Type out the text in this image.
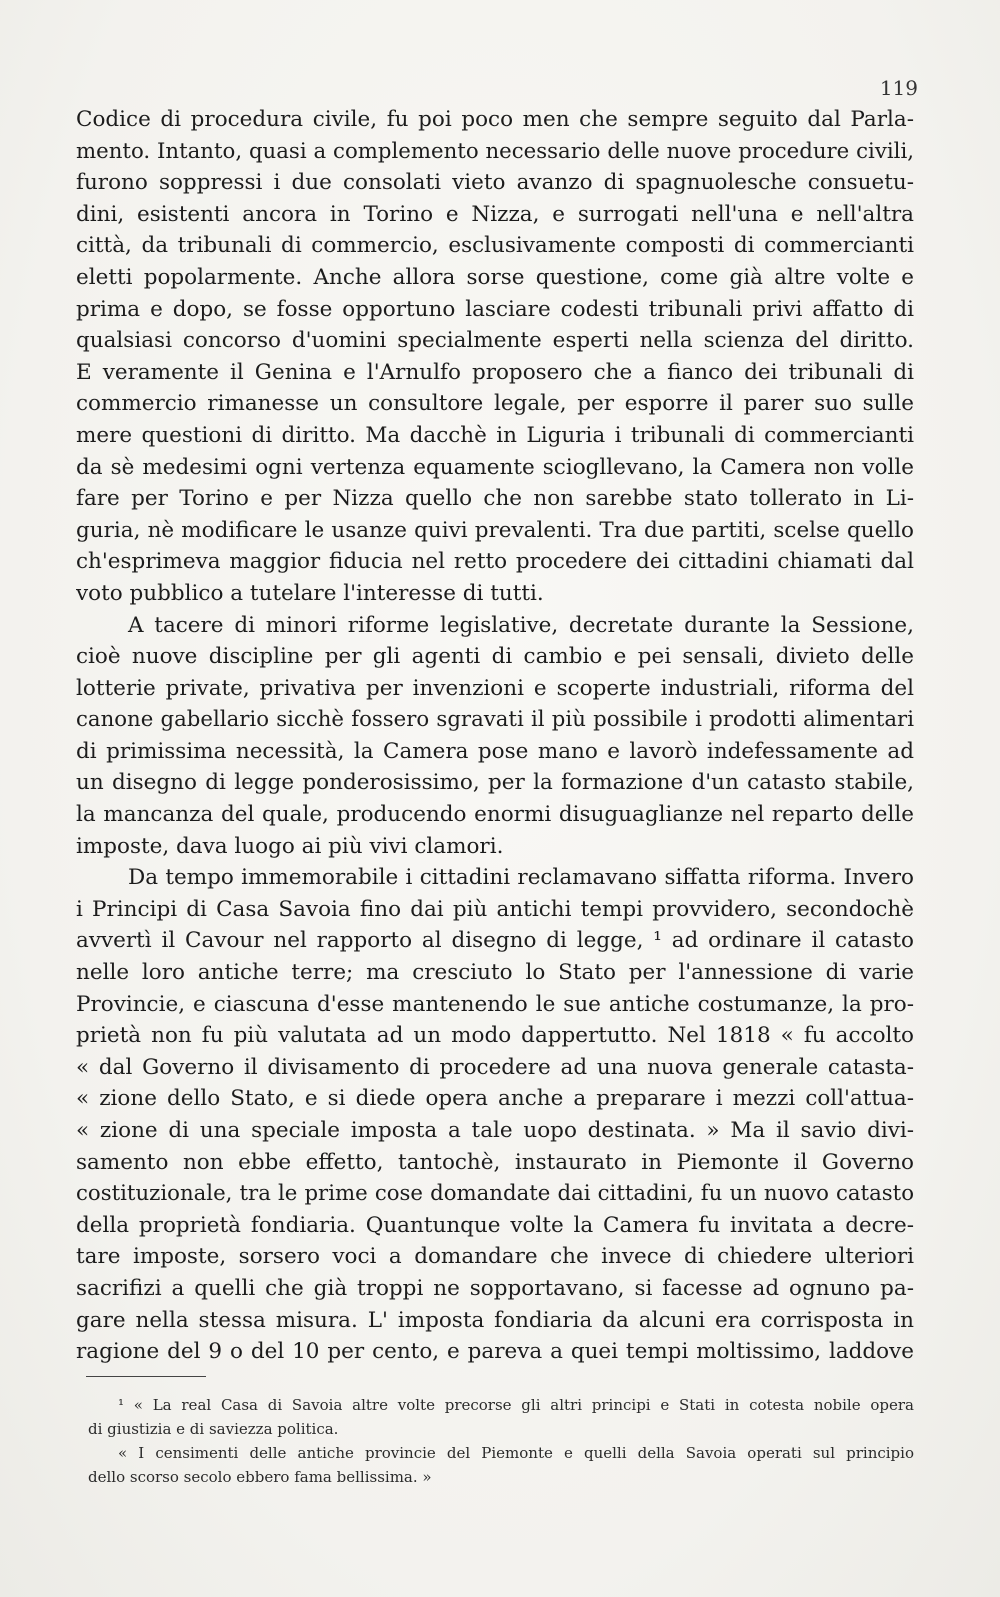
119
Codice di procedura civile, fu poi poco men che sempre seguito dal Parla-
mento. Intanto, quasi a complemento necessario delle nuove procedure civili,
furono soppressi i due consolati vieto avanzo di spagnuolesche consuetu-
dini, esistenti ancora in Torino e Nizza, e surrogati nell'una e nell'altra
città, da tribunali di commercio, esclusivamente composti di commercianti
eletti popolarmente. Anche allora sorse questione, come già altre volte e
prima e dopo, se fosse opportuno lasciare codesti tribunali privi affatto di
qualsiasi concorso d'uomini specialmente esperti nella scienza del diritto.
E veramente il Genina e l'Arnulfo proposero che a fianco dei tribunali di
commercio rimanesse un consultore legale, per esporre il parer suo sulle
mere questioni di diritto. Ma dacchè in Liguria i tribunali di commercianti
da sè medesimi ogni vertenza equamente sciogllevano, la Camera non volle
fare per Torino e per Nizza quello che non sarebbe stato tollerato in Li-
guria, nè modificare le usanze quivi prevalenti. Tra due partiti, scelse quello
ch'esprimeva maggior fiducia nel retto procedere dei cittadini chiamati dal
voto pubblico a tutelare l'interesse di tutti.
A tacere di minori riforme legislative, decretate durante la Sessione,
cioè nuove discipline per gli agenti di cambio e pei sensali, divieto delle
lotterie private, privativa per invenzioni e scoperte industriali, riforma del
canone gabellario sicchè fossero sgravati il più possibile i prodotti alimentari
di primissima necessità, la Camera pose mano e lavorò indefessamente ad
un disegno di legge ponderosissimo, per la formazione d'un catasto stabile,
la mancanza del quale, producendo enormi disuguaglianze nel reparto delle
imposte, dava luogo ai più vivi clamori.
Da tempo immemorabile i cittadini reclamavano siffatta riforma. Invero
i Principi di Casa Savoia fino dai più antichi tempi provvidero, secondochè
avvertì il Cavour nel rapporto al disegno di legge, ¹ ad ordinare il catasto
nelle loro antiche terre; ma cresciuto lo Stato per l'annessione di varie
Provincie, e ciascuna d'esse mantenendo le sue antiche costumanze, la pro-
prietà non fu più valutata ad un modo dappertutto. Nel 1818 « fu accolto
« dal Governo il divisamento di procedere ad una nuova generale catasta-
« zione dello Stato, e si diede opera anche a preparare i mezzi coll'attua-
« zione di una speciale imposta a tale uopo destinata. » Ma il savio divi-
samento non ebbe effetto, tantochè, instaurato in Piemonte il Governo
costituzionale, tra le prime cose domandate dai cittadini, fu un nuovo catasto
della proprietà fondiaria. Quantunque volte la Camera fu invitata a decre-
tare imposte, sorsero voci a domandare che invece di chiedere ulteriori
sacrifizi a quelli che già troppi ne sopportavano, si facesse ad ognuno pa-
gare nella stessa misura. L' imposta fondiaria da alcuni era corrisposta in
ragione del 9 o del 10 per cento, e pareva a quei tempi moltissimo, laddove
¹ « La real Casa di Savoia altre volte precorse gli altri principi e Stati in cotesta nobile opera
di giustizia e di saviezza politica.
« I censimenti delle antiche provincie del Piemonte e quelli della Savoia operati sul principio
dello scorso secolo ebbero fama bellissima. »
